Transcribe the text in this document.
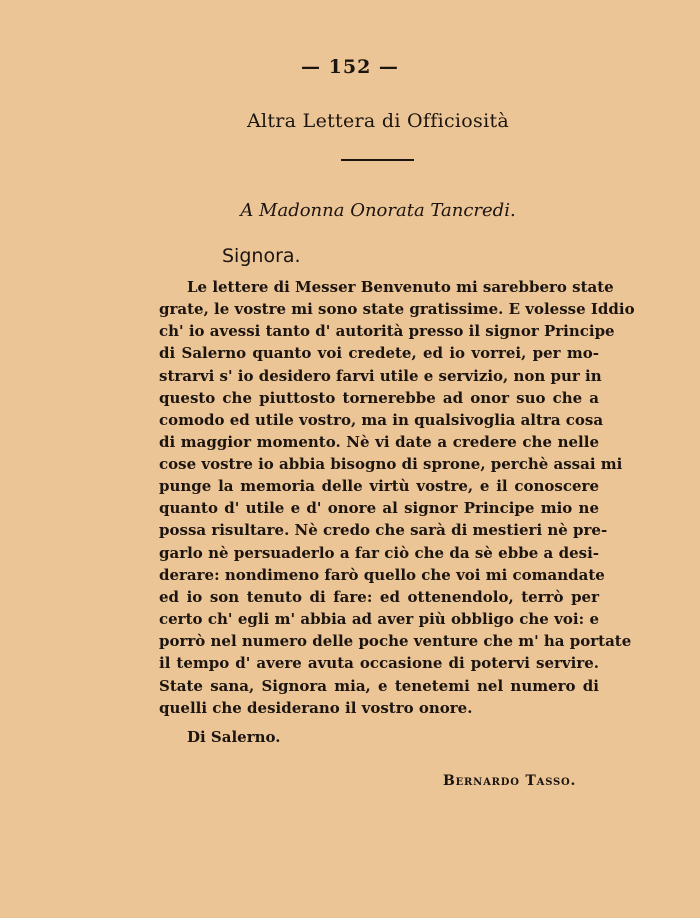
— 152 —
Altra Lettera di Officiosità
A Madonna Onorata Tancredi.
Signora.
Le lettere di Messer Benvenuto mi sarebbero state
grate, le vostre mi sono state gratissime. E volesse Iddio
ch' io avessi tanto d' autorità presso il signor Principe
di Salerno quanto voi credete, ed io vorrei, per mo-
strarvi s' io desidero farvi utile e servizio, non pur in
questo che piuttosto tornerebbe ad onor suo che a
comodo ed utile vostro, ma in qualsivoglia altra cosa
di maggior momento. Nè vi date a credere che nelle
cose vostre io abbia bisogno di sprone, perchè assai mi
punge la memoria delle virtù vostre, e il conoscere
quanto d' utile e d' onore al signor Principe mio ne
possa risultare. Nè credo che sarà di mestieri nè pre-
garlo nè persuaderlo a far ciò che da sè ebbe a desi-
derare: nondimeno farò quello che voi mi comandate
ed io son tenuto di fare: ed ottenendolo, terrò per
certo ch' egli m' abbia ad aver più obbligo che voi: e
porrò nel numero delle poche venture che m' ha portate
il tempo d' avere avuta occasione di potervi servire.
State sana, Signora mia, e tenetemi nel numero di
quelli che desiderano il vostro onore.
Di Salerno.
Bernardo Tasso.
